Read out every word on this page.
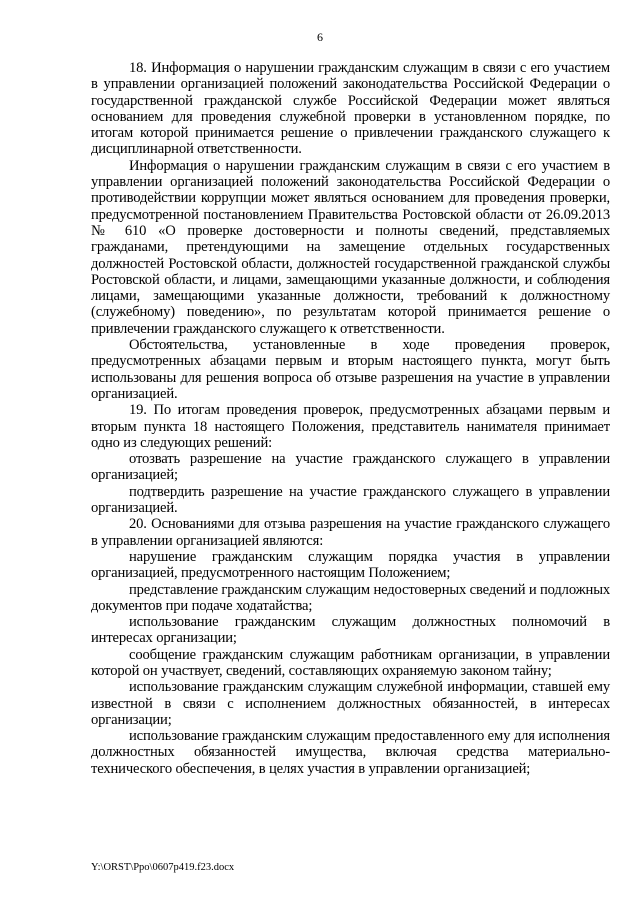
6

18. Информация о нарушении гражданским служащим в связи с его участием в управлении организацией положений законодательства Российской Федерации о государственной гражданской службе Российской Федерации может являться основанием для проведения служебной проверки в установленном порядке, по итогам которой принимается решение о привлечении гражданского служащего к дисциплинарной ответственности.

Информация о нарушении гражданским служащим в связи с его участием в управлении организацией положений законодательства Российской Федерации о противодействии коррупции может являться основанием для проведения проверки, предусмотренной постановлением Правительства Ростовской области от 26.09.2013 № 610 «О проверке достоверности и полноты сведений, представляемых гражданами, претендующими на замещение отдельных государственных должностей Ростовской области, должностей государственной гражданской службы Ростовской области, и лицами, замещающими указанные должности, и соблюдения лицами, замещающими указанные должности, требований к должностному (служебному) поведению», по результатам которой принимается решение о привлечении гражданского служащего к ответственности.

Обстоятельства, установленные в ходе проведения проверок, предусмотренных абзацами первым и вторым настоящего пункта, могут быть использованы для решения вопроса об отзыве разрешения на участие в управлении организацией.

19. По итогам проведения проверок, предусмотренных абзацами первым и вторым пункта 18 настоящего Положения, представитель нанимателя принимает одно из следующих решений:

отозвать разрешение на участие гражданского служащего в управлении организацией;

подтвердить разрешение на участие гражданского служащего в управлении организацией.

20. Основаниями для отзыва разрешения на участие гражданского служащего в управлении организацией являются:

нарушение гражданским служащим порядка участия в управлении организацией, предусмотренного настоящим Положением;

представление гражданским служащим недостоверных сведений и подложных документов при подаче ходатайства;

использование гражданским служащим должностных полномочий в интересах организации;

сообщение гражданским служащим работникам организации, в управлении которой он участвует, сведений, составляющих охраняемую законом тайну;

использование гражданским служащим служебной информации, ставшей ему известной в связи с исполнением должностных обязанностей, в интересах организации;

использование гражданским служащим предоставленного ему для исполнения должностных обязанностей имущества, включая средства материально-технического обеспечения, в целях участия в управлении организацией;

Y:\ORST\Ppo\0607p419.f23.docx
